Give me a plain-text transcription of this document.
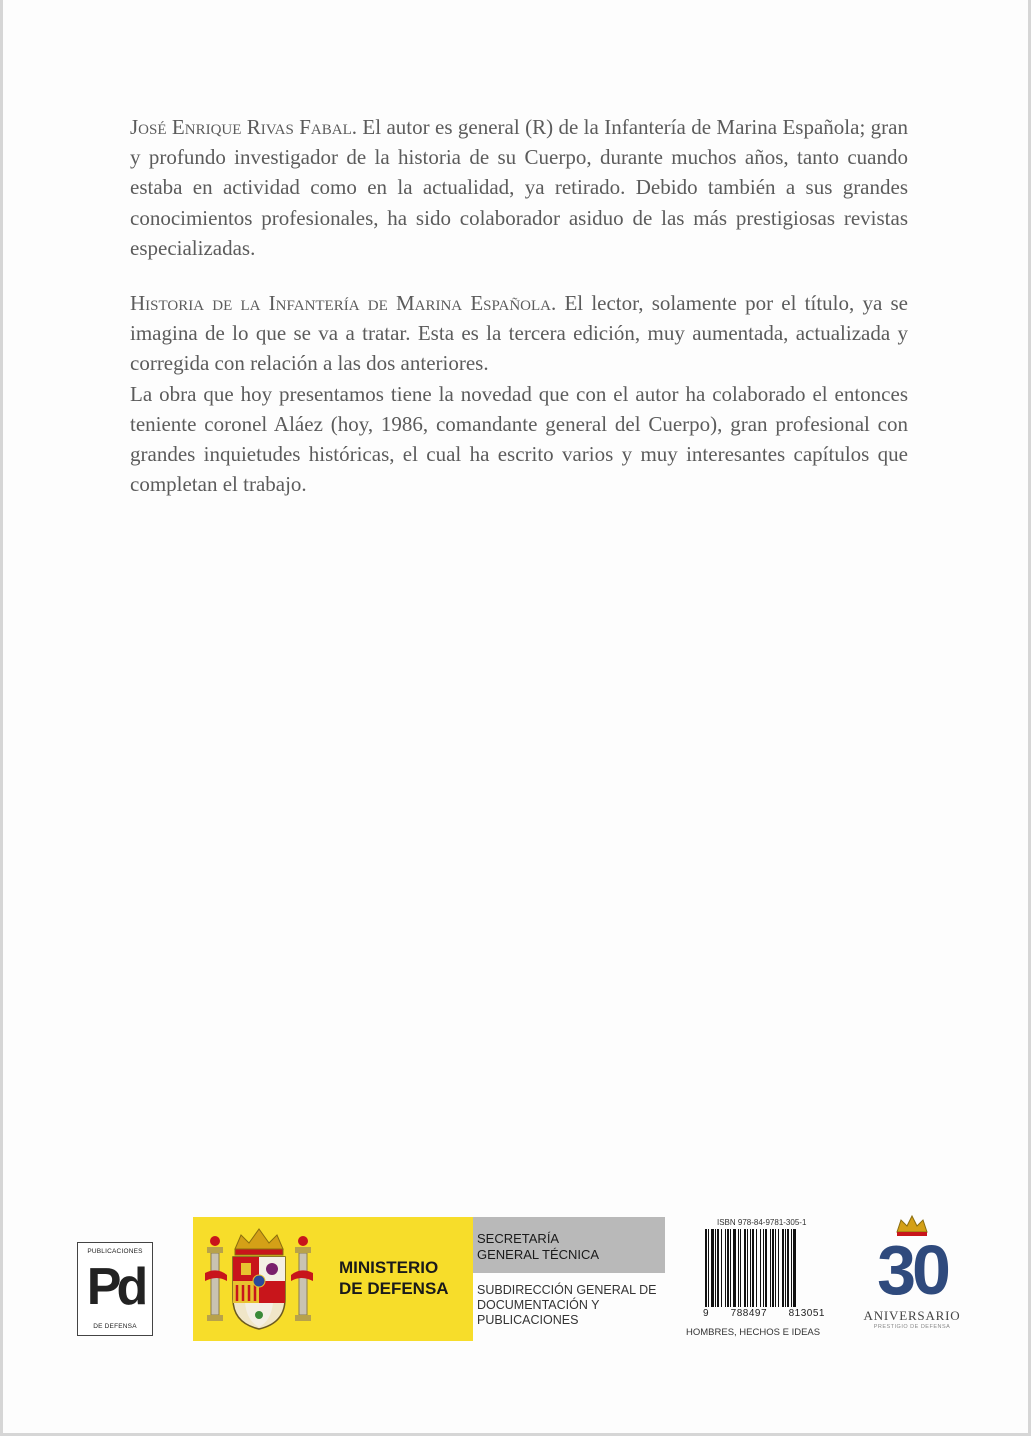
José Enrique Rivas Fabal. El autor es general (R) de la Infantería de Marina Española; gran y profundo investigador de la historia de su Cuerpo, durante muchos años, tanto cuando estaba en actividad como en la actualidad, ya retirado. Debido también a sus grandes conocimientos profesionales, ha sido colaborador asiduo de las más prestigiosas revistas especializadas.

Historia de la Infantería de Marina Española. El lector, solamente por el título, ya se imagina de lo que se va a tratar. Esta es la tercera edición, muy aumentada, actualizada y corregida con relación a las dos anteriores.

La obra que hoy presentamos tiene la novedad que con el autor ha colaborado el entonces teniente coronel Aláez (hoy, 1986, comandante general del Cuerpo), gran profesional con grandes inquietudes históricas, el cual ha escrito varios y muy interesantes capítulos que completan el trabajo.

PUBLICACIONES
Pd
DE DEFENSA
MINISTERIO
DE DEFENSA
SECRETARÍA
GENERAL TÉCNICA
SUBDIRECCIÓN GENERAL DE
DOCUMENTACIÓN Y
PUBLICACIONES
ISBN 978-84-9781-305-1
9 788497 813051
HOMBRES, HECHOS E IDEAS
30
ANIVERSARIO
PRESTIGIO DE DEFENSA
